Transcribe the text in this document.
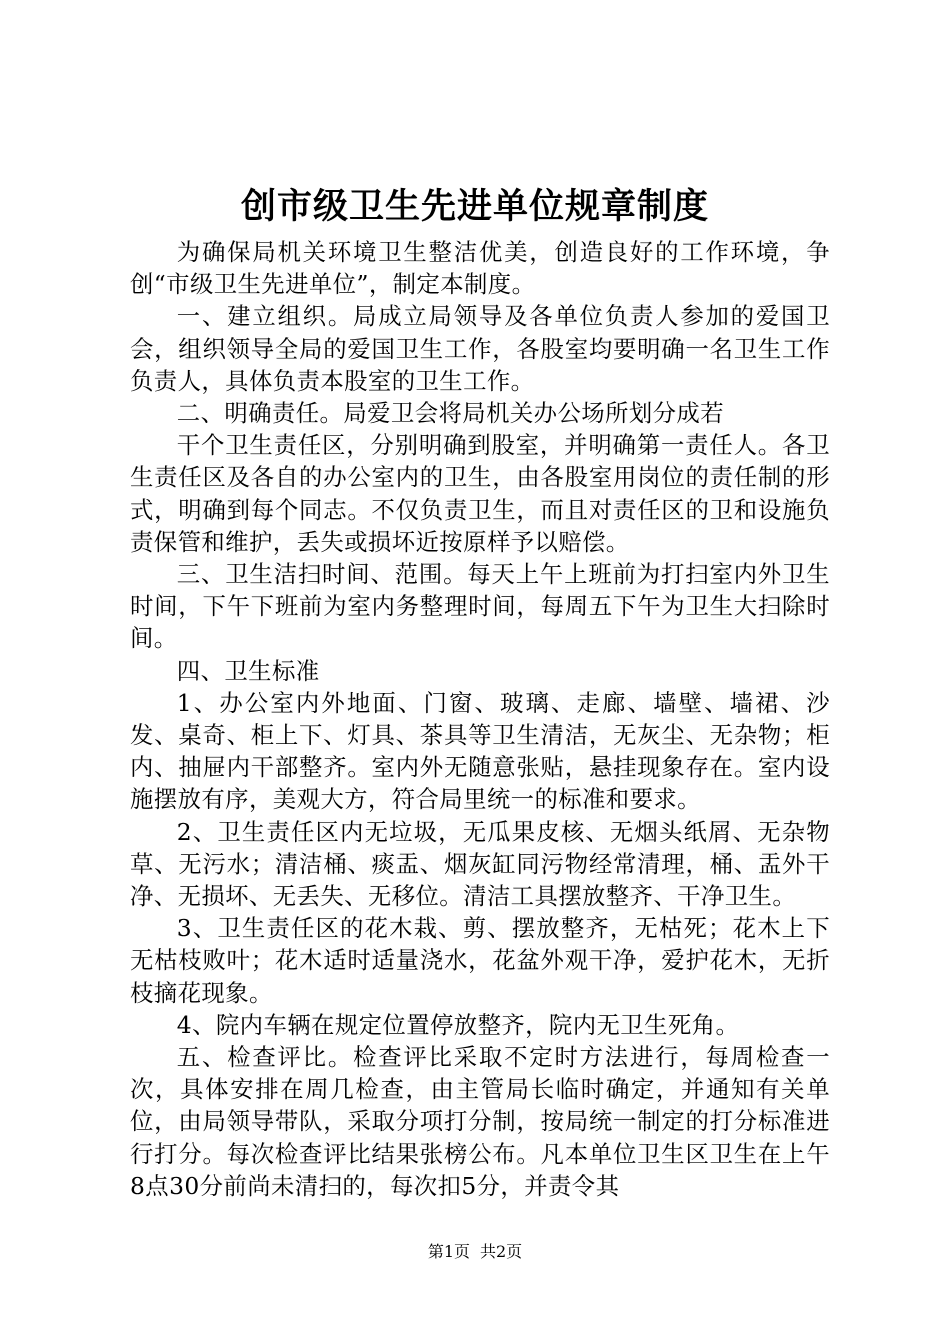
创市级卫生先进单位规章制度

为确保局机关环境卫生整洁优美，创造良好的工作环境，争创“市级卫生先进单位”，制定本制度。

一、建立组织。局成立局领导及各单位负责人参加的爱国卫会，组织领导全局的爱国卫生工作，各股室均要明确一名卫生工作负责人，具体负责本股室的卫生工作。

二、明确责任。局爱卫会将局机关办公场所划分成若

干个卫生责任区，分别明确到股室，并明确第一责任人。各卫生责任区及各自的办公室内的卫生，由各股室用岗位的责任制的形式，明确到每个同志。不仅负责卫生，而且对责任区的卫和设施负责保管和维护，丢失或损坏近按原样予以赔偿。

三、卫生洁扫时间、范围。每天上午上班前为打扫室内外卫生时间，下午下班前为室内务整理时间，每周五下午为卫生大扫除时间。

四、卫生标准

1、办公室内外地面、门窗、玻璃、走廊、墙壁、墙裙、沙发、桌奇、柜上下、灯具、茶具等卫生清洁，无灰尘、无杂物；柜内、抽屉内干部整齐。室内外无随意张贴，悬挂现象存在。室内设施摆放有序，美观大方，符合局里统一的标准和要求。

2、卫生责任区内无垃圾，无瓜果皮核、无烟头纸屑、无杂物草、无污水；清洁桶、痰盂、烟灰缸同污物经常清理，桶、盂外干净、无损坏、无丢失、无移位。清洁工具摆放整齐、干净卫生。

3、卫生责任区的花木栽、剪、摆放整齐，无枯死；花木上下无枯枝败叶；花木适时适量浇水，花盆外观干净，爱护花木，无折枝摘花现象。

4、院内车辆在规定位置停放整齐，院内无卫生死角。

五、检查评比。检查评比采取不定时方法进行，每周检查一次，具体安排在周几检查，由主管局长临时确定，并通知有关单位，由局领导带队，采取分项打分制，按局统一制定的打分标准进行打分。每次检查评比结果张榜公布。凡本单位卫生区卫生在上午8点30分前尚未清扫的，每次扣5分，并责令其

第1页 共2页
